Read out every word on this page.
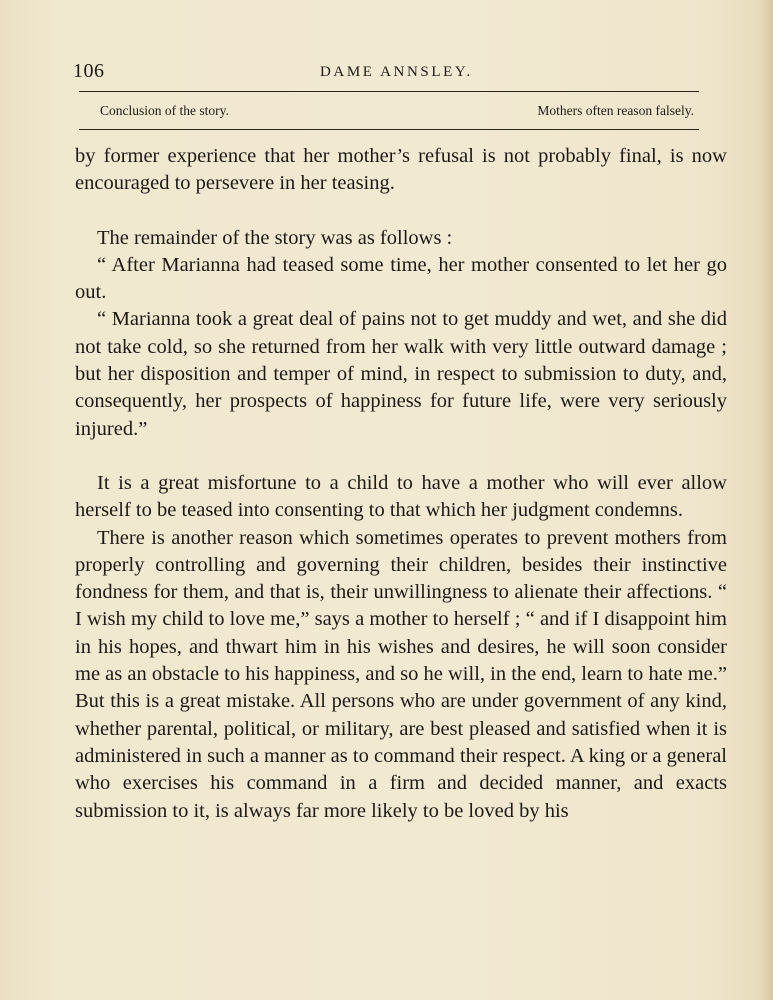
106	DAME ANNSLEY.
Conclusion of the story.	Mothers often reason falsely.

by former experience that her mother’s refusal is not probably final, is now encouraged to persevere in her teasing.

The remainder of the story was as follows :

“ After Marianna had teased some time, her mother consented to let her go out.

“ Marianna took a great deal of pains not to get muddy and wet, and she did not take cold, so she returned from her walk with very little outward damage ; but her disposition and temper of mind, in respect to submission to duty, and, consequently, her prospects of happiness for future life, were very seriously injured.”

It is a great misfortune to a child to have a mother who will ever allow herself to be teased into consenting to that which her judgment condemns.

There is another reason which sometimes operates to prevent mothers from properly controlling and governing their children, besides their instinctive fondness for them, and that is, their unwillingness to alienate their affections. “ I wish my child to love me,” says a mother to herself ; “ and if I disappoint him in his hopes, and thwart him in his wishes and desires, he will soon consider me as an obstacle to his happiness, and so he will, in the end, learn to hate me.” But this is a great mistake. All persons who are under government of any kind, whether parental, political, or military, are best pleased and satisfied when it is administered in such a manner as to command their respect. A king or a general who exercises his command in a firm and decided manner, and exacts submission to it, is always far more likely to be loved by his
